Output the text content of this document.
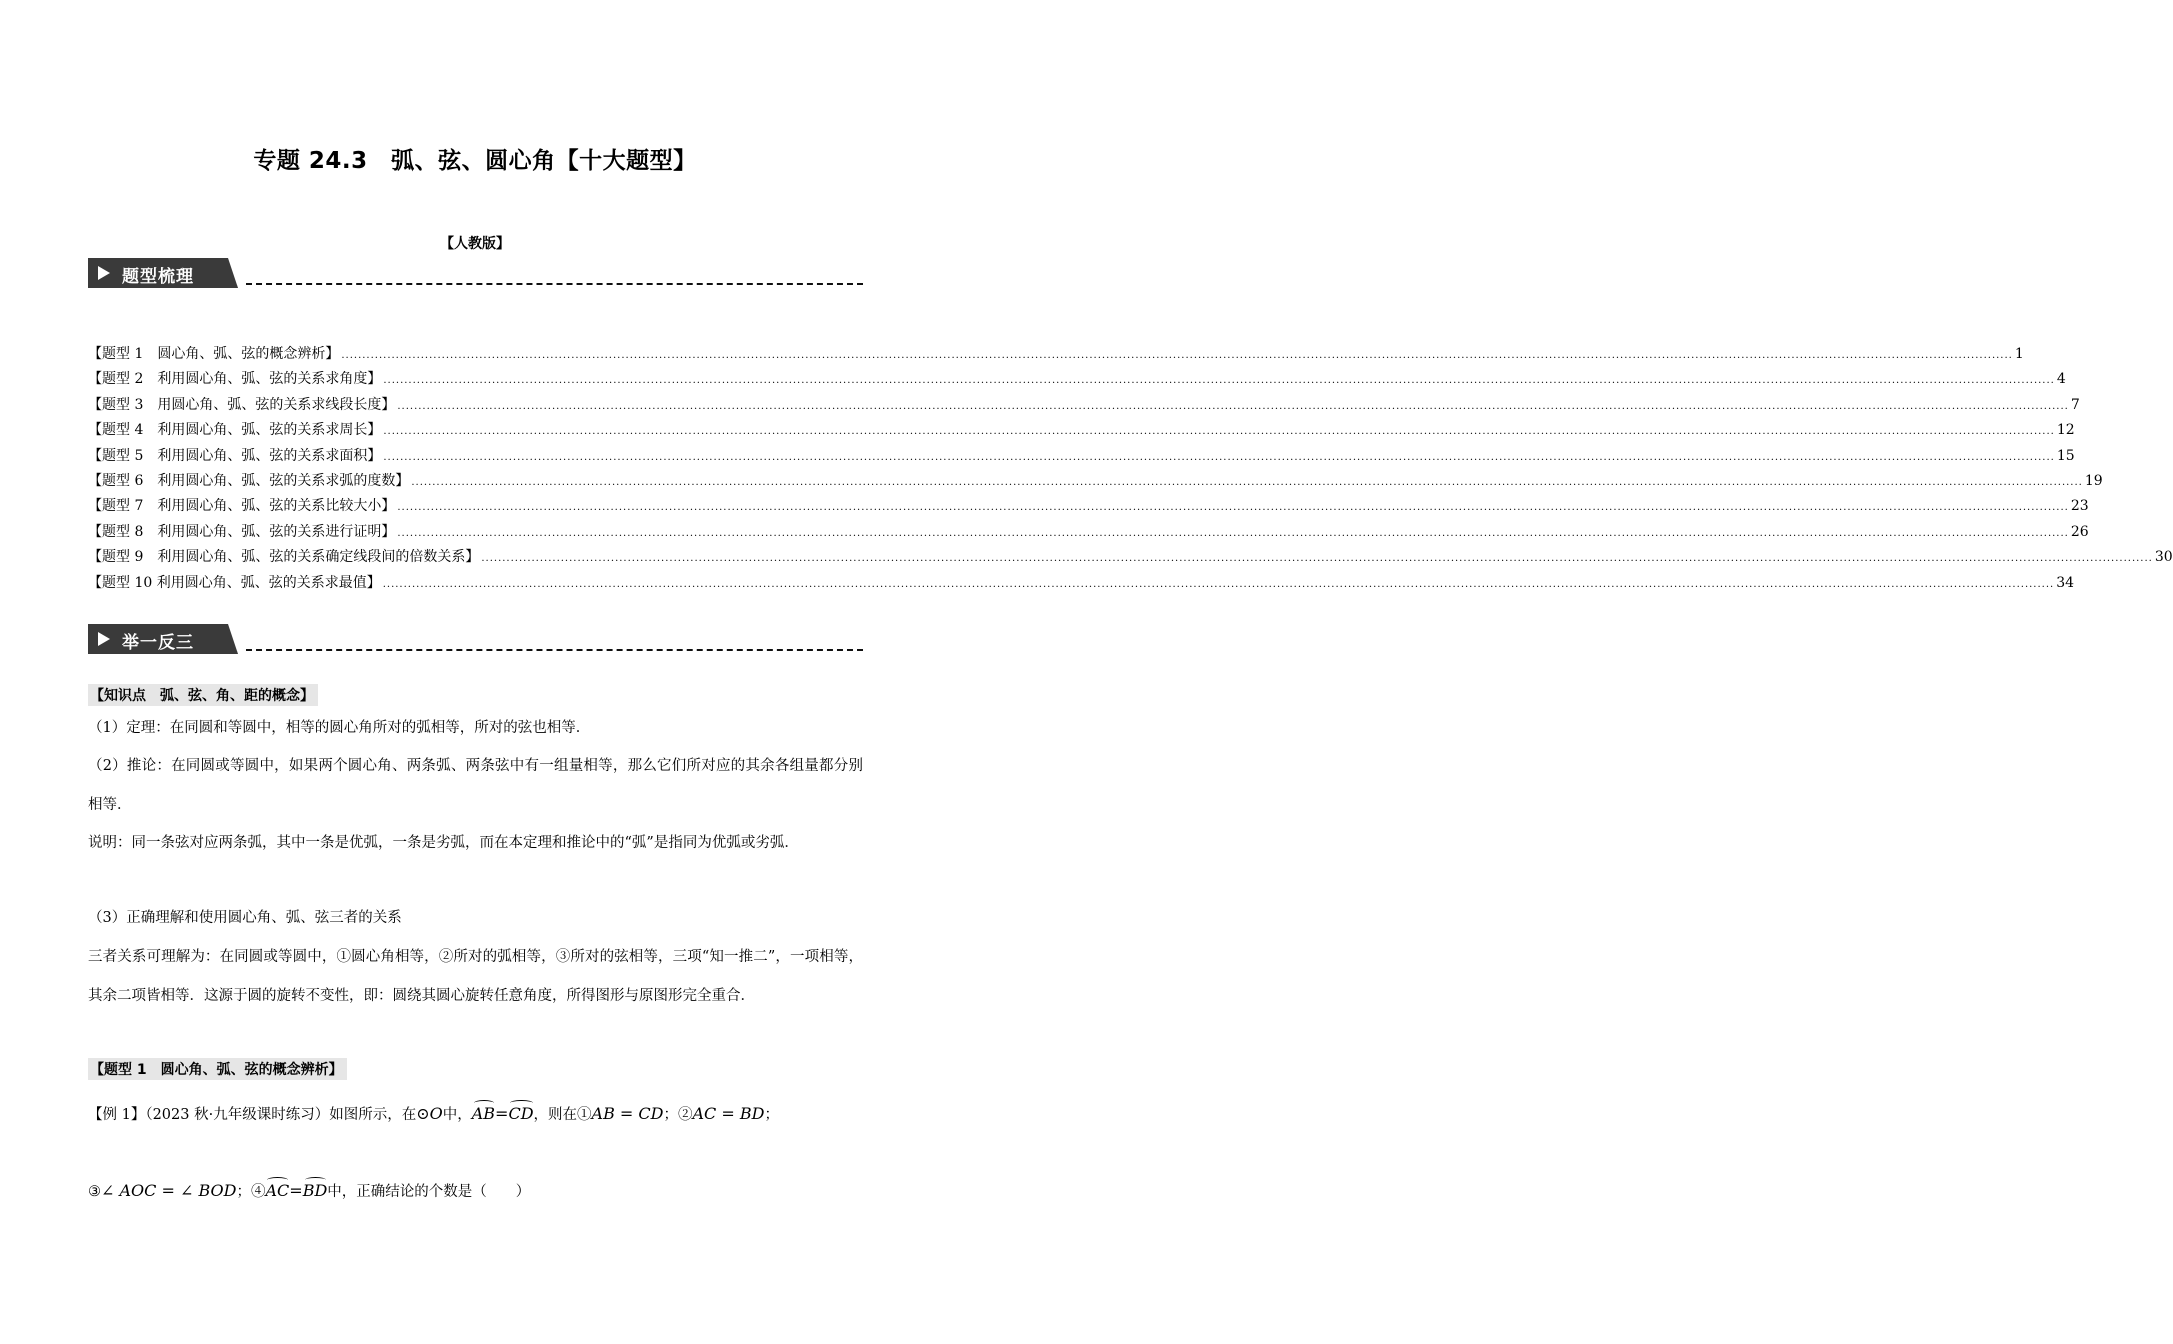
专题 24.3　弧、弦、圆心角【十大题型】
【人教版】
题型梳理
【题型 1　圆心角、弧、弦的概念辨析】 ................................................................................................................................................................................................................................................................................................................................................................................................................ 1
【题型 2　利用圆心角、弧、弦的关系求角度】 ................................................................................................................................................................................................................................................................................................................................................................................................................ 4
【题型 3　用圆心角、弧、弦的关系求线段长度】 ................................................................................................................................................................................................................................................................................................................................................................................................................ 7
【题型 4　利用圆心角、弧、弦的关系求周长】 ................................................................................................................................................................................................................................................................................................................................................................................................................ 12
【题型 5　利用圆心角、弧、弦的关系求面积】 ................................................................................................................................................................................................................................................................................................................................................................................................................ 15
【题型 6　利用圆心角、弧、弦的关系求弧的度数】 ................................................................................................................................................................................................................................................................................................................................................................................................................ 19
【题型 7　利用圆心角、弧、弦的关系比较大小】 ................................................................................................................................................................................................................................................................................................................................................................................................................ 23
【题型 8　利用圆心角、弧、弦的关系进行证明】 ................................................................................................................................................................................................................................................................................................................................................................................................................ 26
【题型 9　利用圆心角、弧、弦的关系确定线段间的倍数关系】 ................................................................................................................................................................................................................................................................................................................................................................................................................ 30
【题型 10 利用圆心角、弧、弦的关系求最值】 ................................................................................................................................................................................................................................................................................................................................................................................................................ 34
举一反三
【知识点　弧、弦、角、距的概念】
（1）定理：在同圆和等圆中，相等的圆心角所对的弧相等，所对的弦也相等．
（2）推论：在同圆或等圆中，如果两个圆心角、两条弧、两条弦中有一组量相等，那么它们所对应的其余各组量都分别相等．
说明：同一条弦对应两条弧，其中一条是优弧，一条是劣弧，而在本定理和推论中的“弧”是指同为优弧或劣弧．
（3）正确理解和使用圆心角、弧、弦三者的关系
三者关系可理解为：在同圆或等圆中，①圆心角相等，②所对的弧相等，③所对的弦相等，三项“知一推二”，一项相等，其余二项皆相等．这源于圆的旋转不变性，即：圆绕其圆心旋转任意角度，所得图形与原图形完全重合．
【题型 1　圆心角、弧、弦的概念辨析】
【例 1】（2023 秋·九年级课时练习）如图所示，在⊙O中，AB=CD，则在①AB = CD；②AC = BD；
③∠ AOC = ∠ BOD；④AC=BD中，正确结论的个数是（　　）
